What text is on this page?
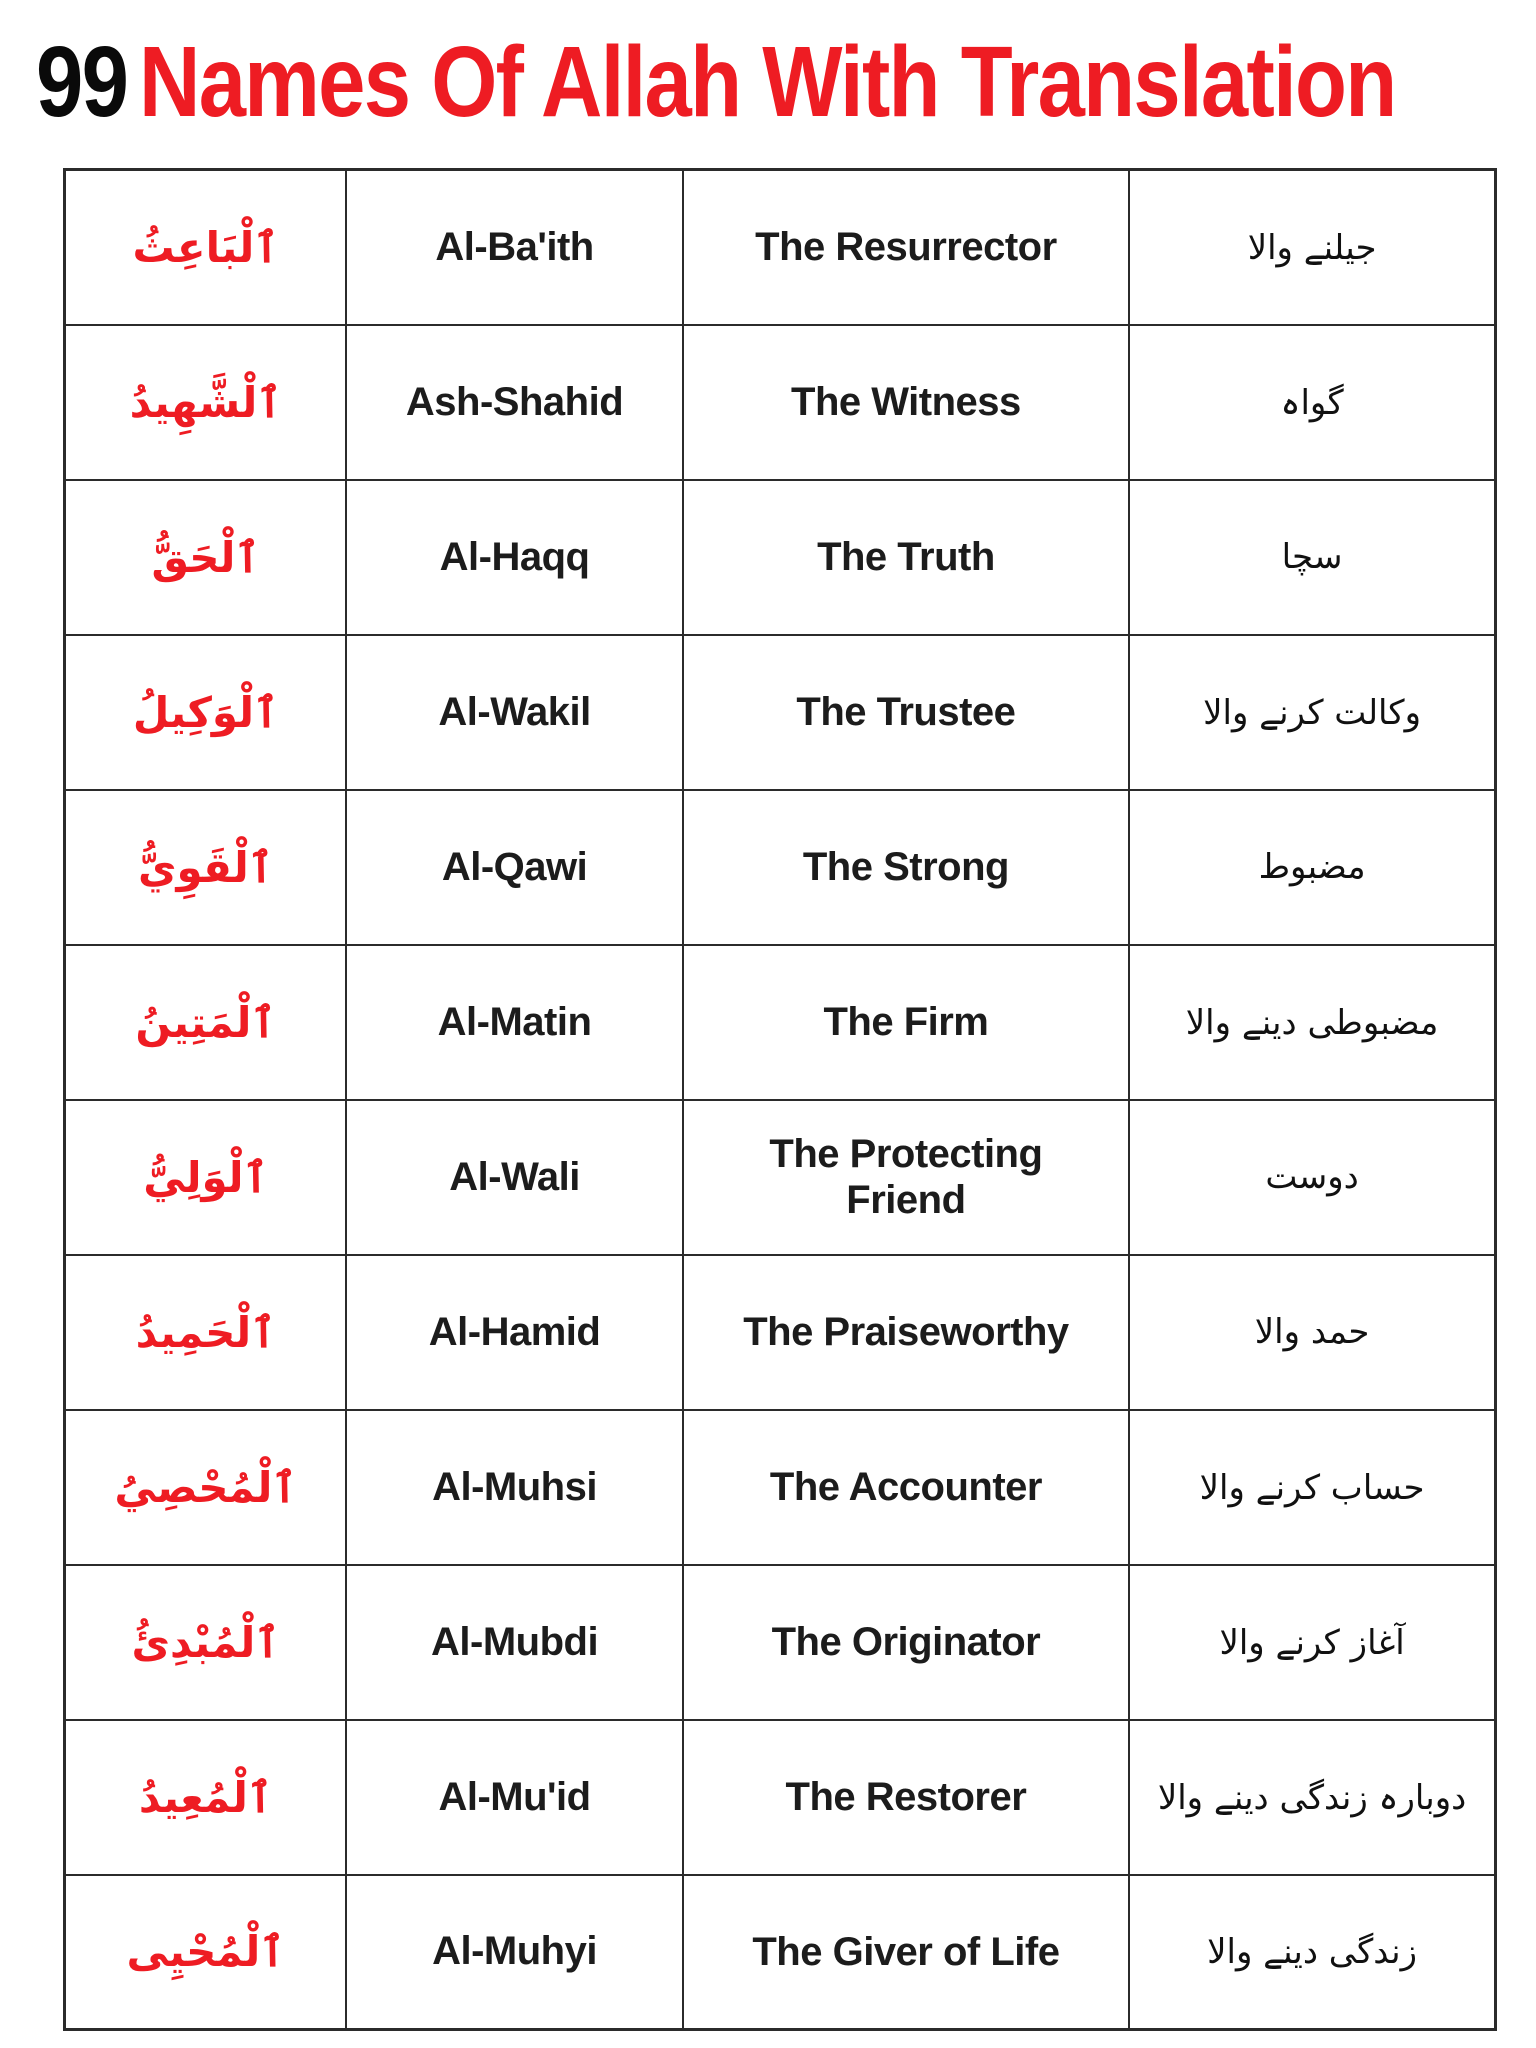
99 Names Of Allah With Translation
ٱلْبَاعِثُ	Al-Ba'ith	The Resurrector	جیلنے والا
ٱلْشَّهِيدُ	Ash-Shahid	The Witness	گواہ
ٱلْحَقُّ	Al-Haqq	The Truth	سچا
ٱلْوَكِيلُ	Al-Wakil	The Trustee	وکالت کرنے والا
ٱلْقَوِيُّ	Al-Qawi	The Strong	مضبوط
ٱلْمَتِينُ	Al-Matin	The Firm	مضبوطی دینے والا
ٱلْوَلِيُّ	Al-Wali	The Protecting Friend	دوست
ٱلْحَمِيدُ	Al-Hamid	The Praiseworthy	حمد والا
ٱلْمُحْصِيُ	Al-Muhsi	The Accounter	حساب کرنے والا
ٱلْمُبْدِئُ	Al-Mubdi	The Originator	آغاز کرنے والا
ٱلْمُعِيدُ	Al-Mu'id	The Restorer	دوبارہ زندگی دینے والا
ٱلْمُحْيِى	Al-Muhyi	The Giver of Life	زندگی دینے والا
